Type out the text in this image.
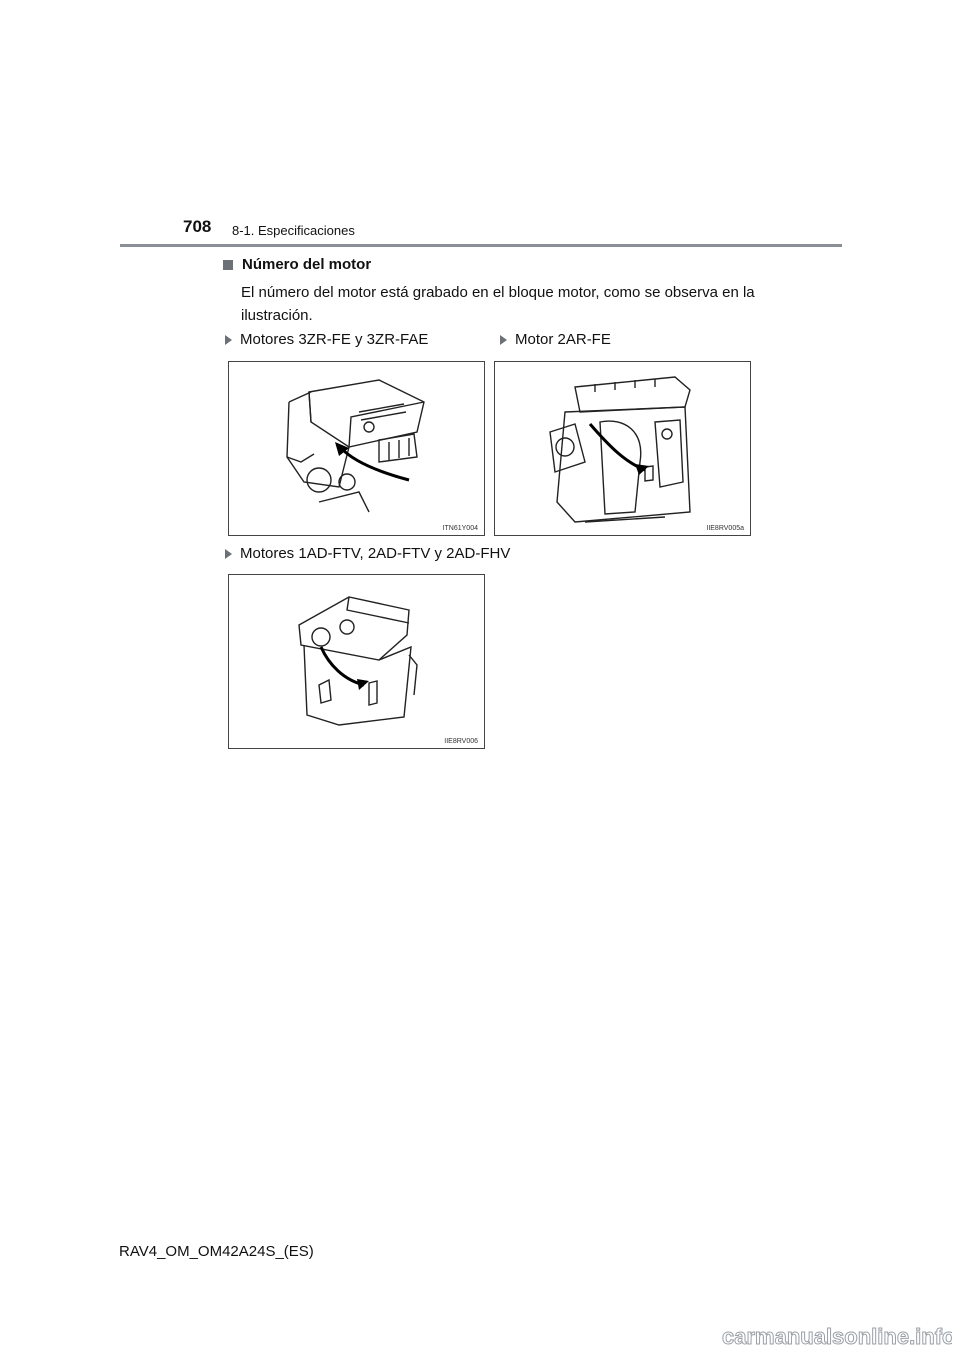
708 8-1. Especificaciones
Número del motor
El número del motor está grabado en el bloque motor, como se observa en la ilustración.
Motores 3ZR-FE y 3ZR-FAE	Motor 2AR-FE
ITN61Y004	IIE8RV005a
Motores 1AD-FTV, 2AD-FTV y 2AD-FHV
IIE8RV006
RAV4_OM_OM42A24S_(ES)
carmanualsonline.info
